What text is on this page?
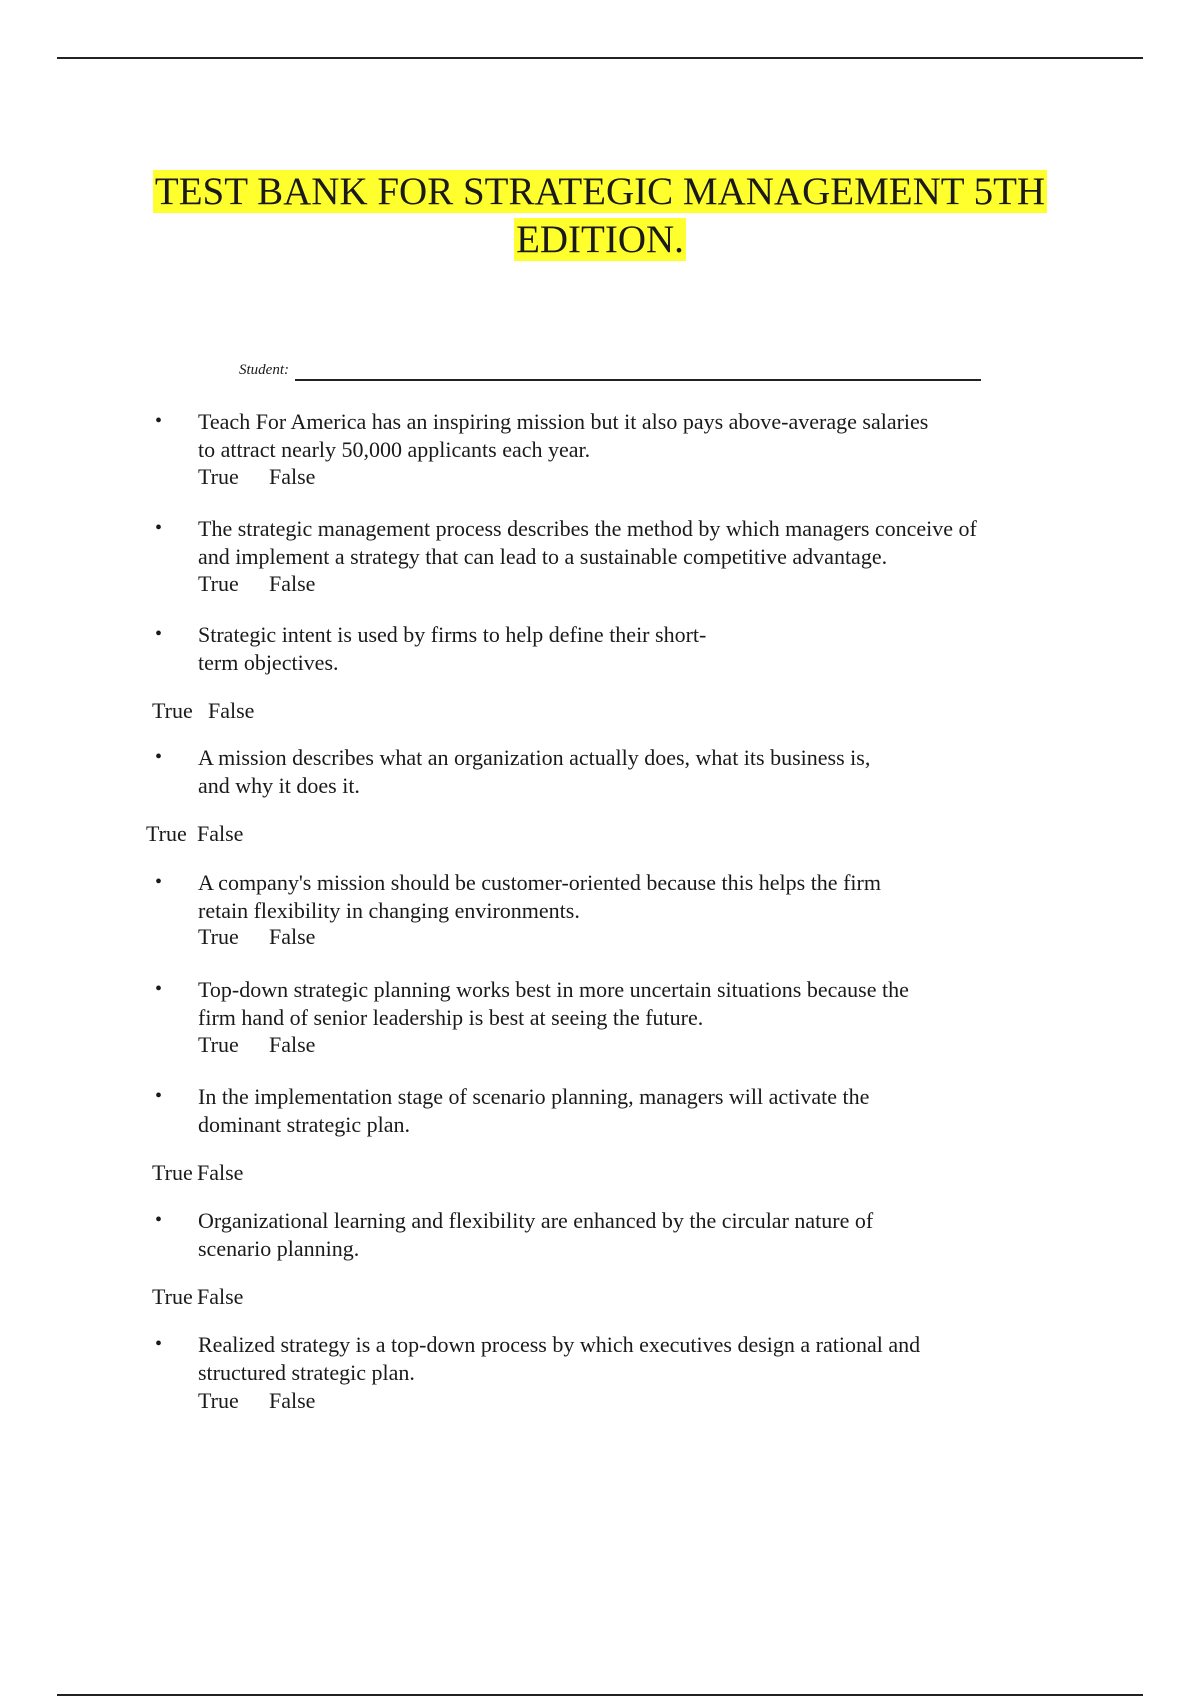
TEST BANK FOR STRATEGIC MANAGEMENT 5TH
EDITION.
Student:
• Teach For America has an inspiring mission but it also pays above-average salaries
to attract nearly 50,000 applicants each year.
True False
• The strategic management process describes the method by which managers conceive of
and implement a strategy that can lead to a sustainable competitive advantage.
True False
• Strategic intent is used by firms to help define their short-
term objectives.
True False
• A mission describes what an organization actually does, what its business is,
and why it does it.
True False
• A company's mission should be customer-oriented because this helps the firm
retain flexibility in changing environments.
True False
• Top-down strategic planning works best in more uncertain situations because the
firm hand of senior leadership is best at seeing the future.
True False
• In the implementation stage of scenario planning, managers will activate the
dominant strategic plan.
True False
• Organizational learning and flexibility are enhanced by the circular nature of
scenario planning.
True False
• Realized strategy is a top-down process by which executives design a rational and
structured strategic plan.
True False
